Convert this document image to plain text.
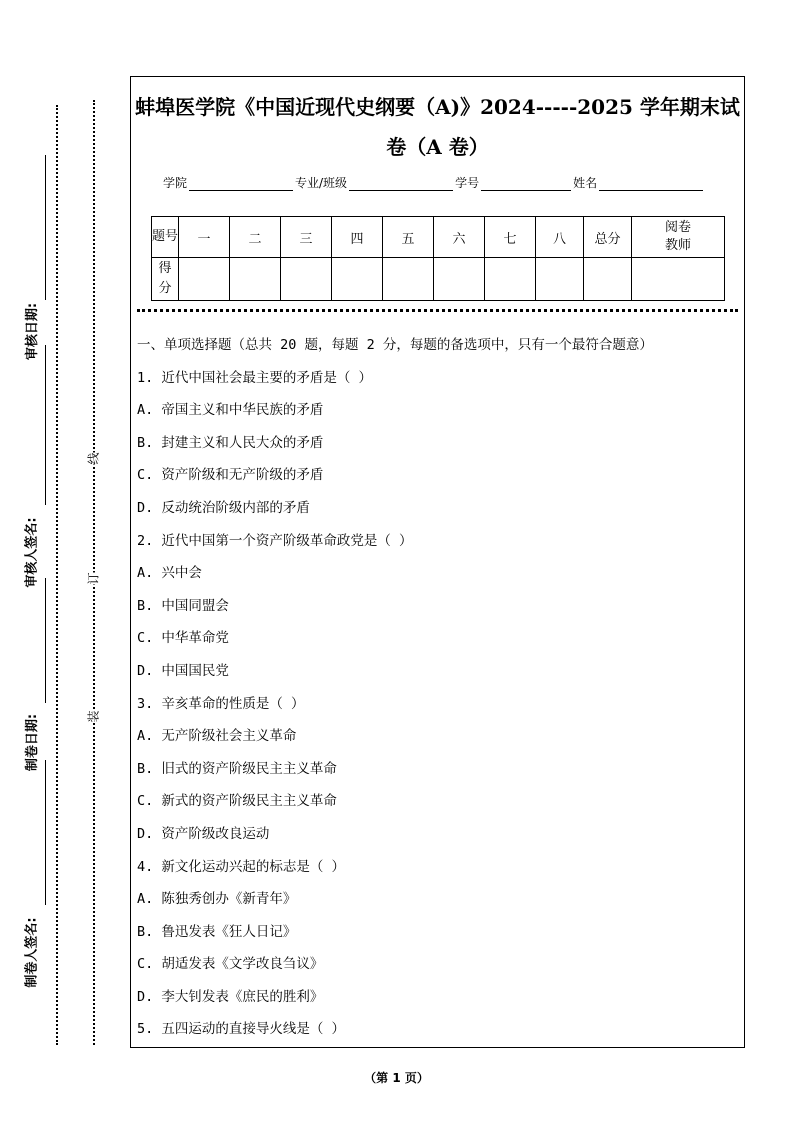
审核日期:
审核人签名:
制卷日期:
制卷人签名:
线
订
装
蚌埠医学院《中国近现代史纲要（A)》2024-----2025 学年期末试
卷（A 卷）
学院	专业/班级	学号	姓名
题号	一	二	三	四	五	六	七	八	总分	阅卷教师
得分										
一、单项选择题（总共 20 题，每题 2 分，每题的备选项中，只有一个最符合题意）
1. 近代中国社会最主要的矛盾是（ ）
A. 帝国主义和中华民族的矛盾
B. 封建主义和人民大众的矛盾
C. 资产阶级和无产阶级的矛盾
D. 反动统治阶级内部的矛盾
2. 近代中国第一个资产阶级革命政党是（ ）
A. 兴中会
B. 中国同盟会
C. 中华革命党
D. 中国国民党
3. 辛亥革命的性质是（ ）
A. 无产阶级社会主义革命
B. 旧式的资产阶级民主主义革命
C. 新式的资产阶级民主主义革命
D. 资产阶级改良运动
4. 新文化运动兴起的标志是（ ）
A. 陈独秀创办《新青年》
B. 鲁迅发表《狂人日记》
C. 胡适发表《文学改良刍议》
D. 李大钊发表《庶民的胜利》
5. 五四运动的直接导火线是（ ）
（第 1 页）
